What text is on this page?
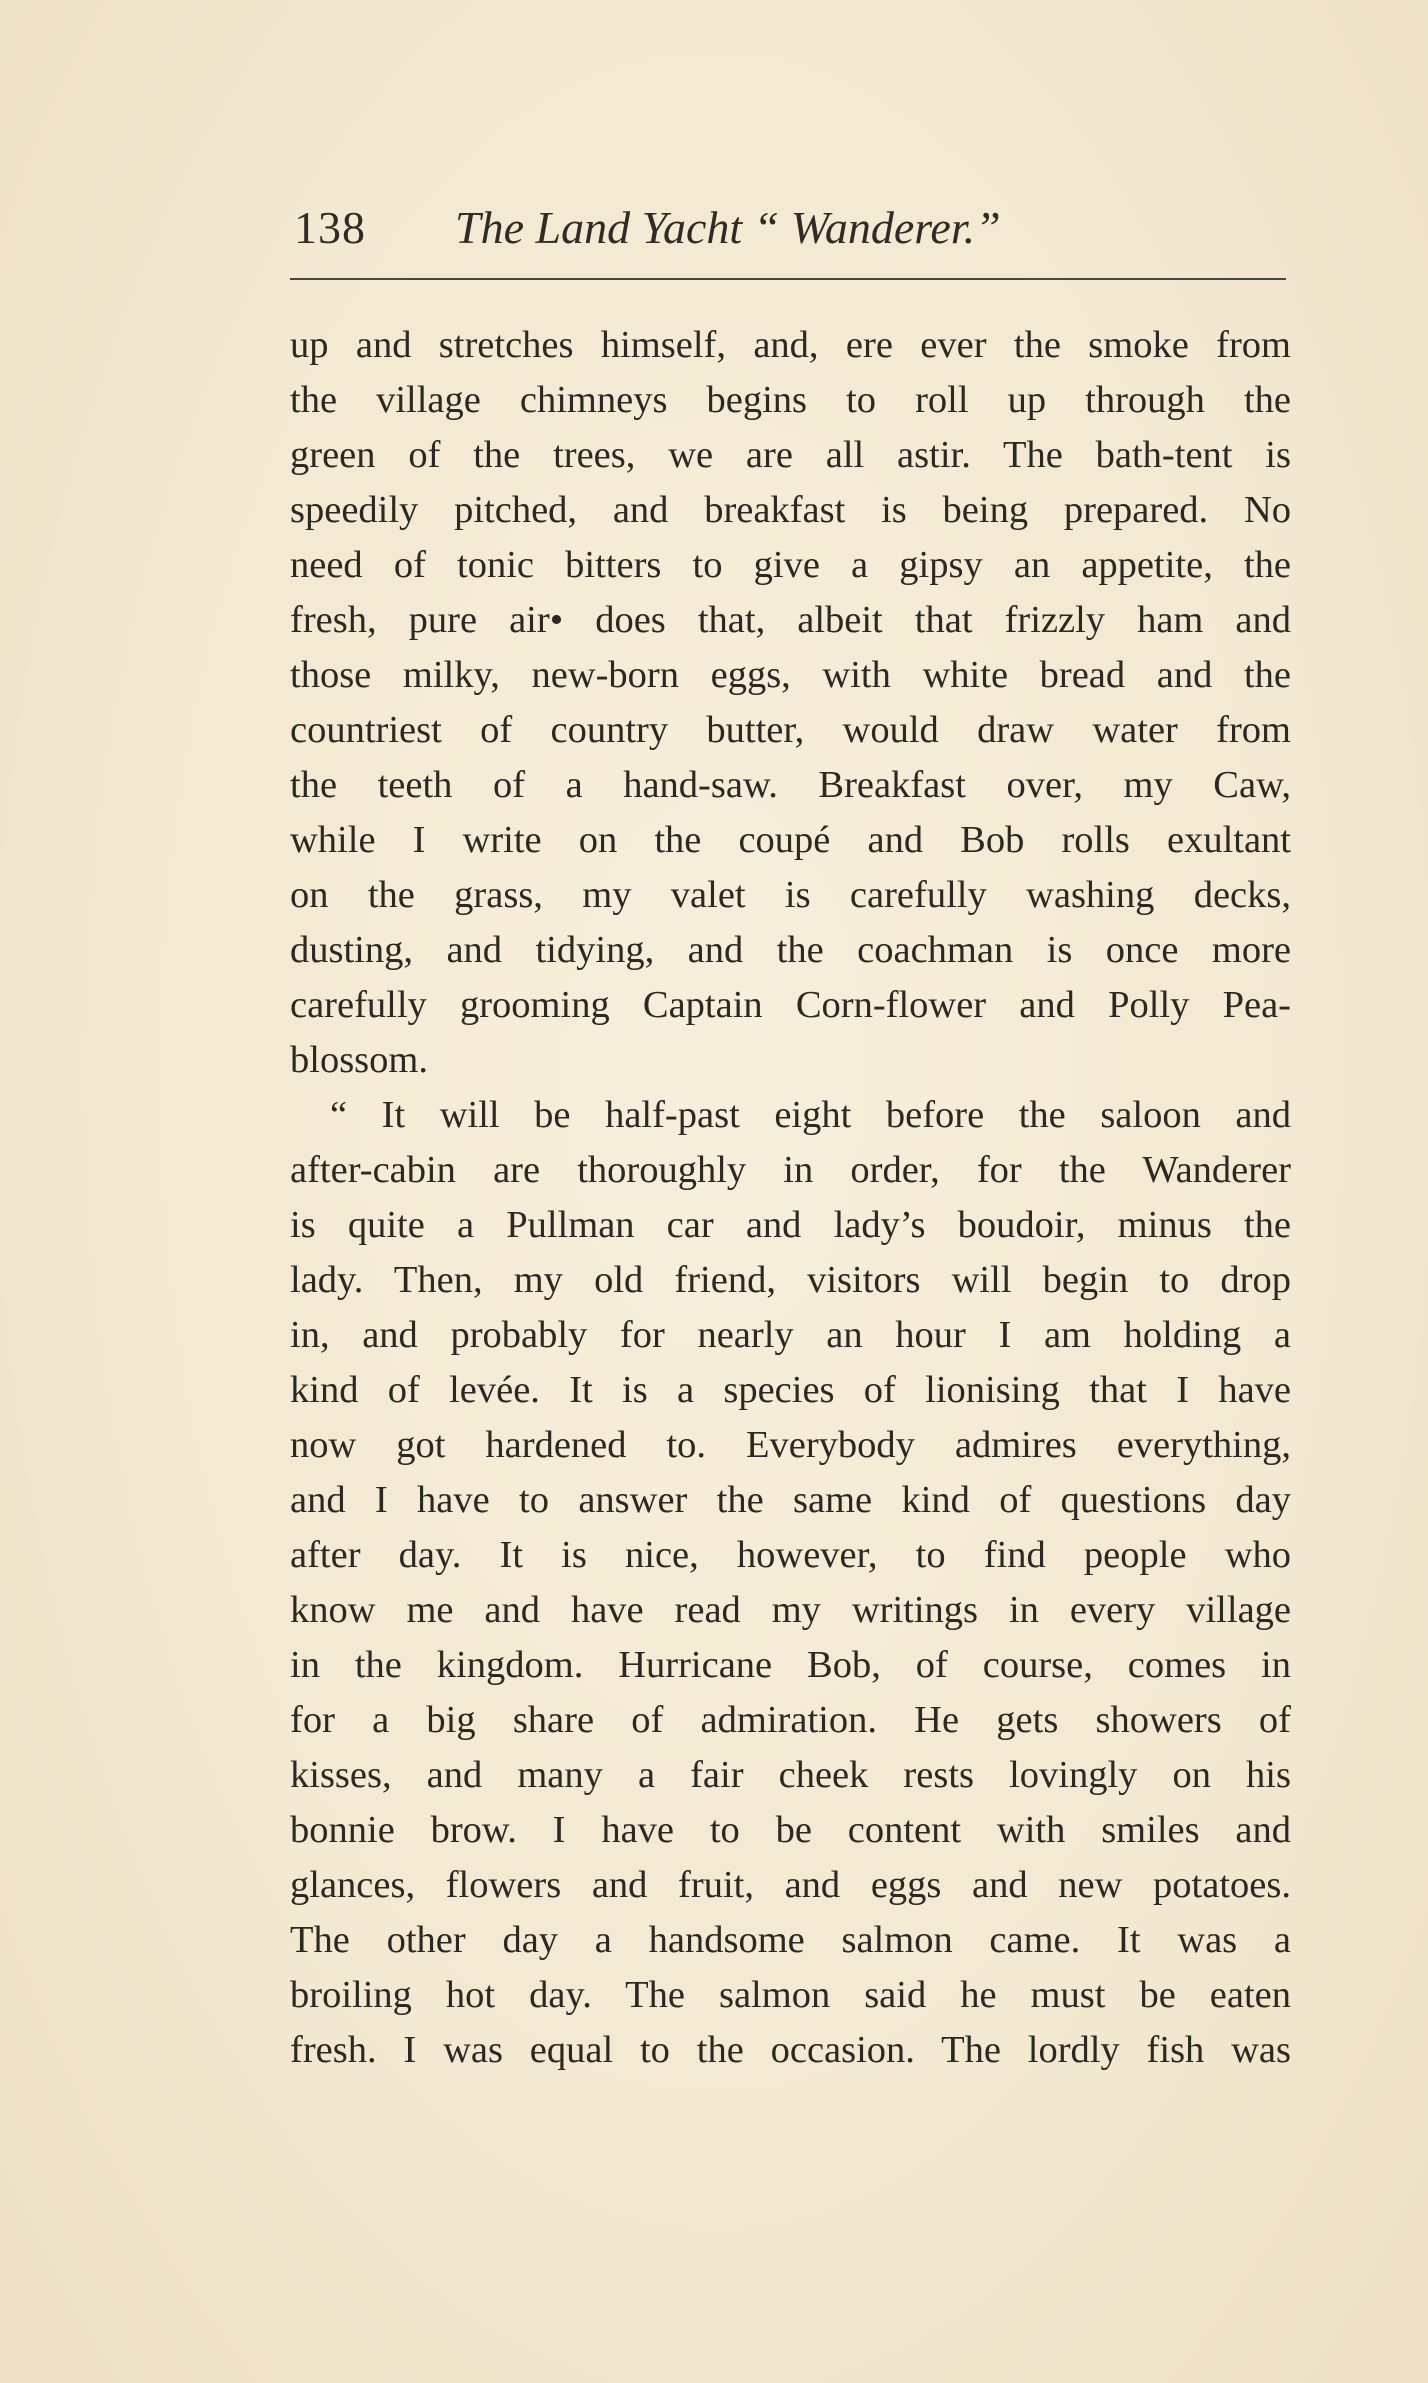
138 The Land Yacht “ Wanderer.”
up and stretches himself, and, ere ever the smoke from
the village chimneys begins to roll up through the
green of the trees, we are all astir. The bath-tent is
speedily pitched, and breakfast is being prepared. No
need of tonic bitters to give a gipsy an appetite, the
fresh, pure air• does that, albeit that frizzly ham and
those milky, new-born eggs, with white bread and the
countriest of country butter, would draw water from
the teeth of a hand-saw. Breakfast over, my Caw,
while I write on the coupé and Bob rolls exultant
on the grass, my valet is carefully washing decks,
dusting, and tidying, and the coachman is once more
carefully grooming Captain Corn-flower and Polly Pea-
blossom.
“ It will be half-past eight before the saloon and
after-cabin are thoroughly in order, for the Wanderer
is quite a Pullman car and lady’s boudoir, minus the
lady. Then, my old friend, visitors will begin to drop
in, and probably for nearly an hour I am holding a
kind of levée. It is a species of lionising that I have
now got hardened to. Everybody admires everything,
and I have to answer the same kind of questions day
after day. It is nice, however, to find people who
know me and have read my writings in every village
in the kingdom. Hurricane Bob, of course, comes in
for a big share of admiration. He gets showers of
kisses, and many a fair cheek rests lovingly on his
bonnie brow. I have to be content with smiles and
glances, flowers and fruit, and eggs and new potatoes.
The other day a handsome salmon came. It was a
broiling hot day. The salmon said he must be eaten
fresh. I was equal to the occasion. The lordly fish was
